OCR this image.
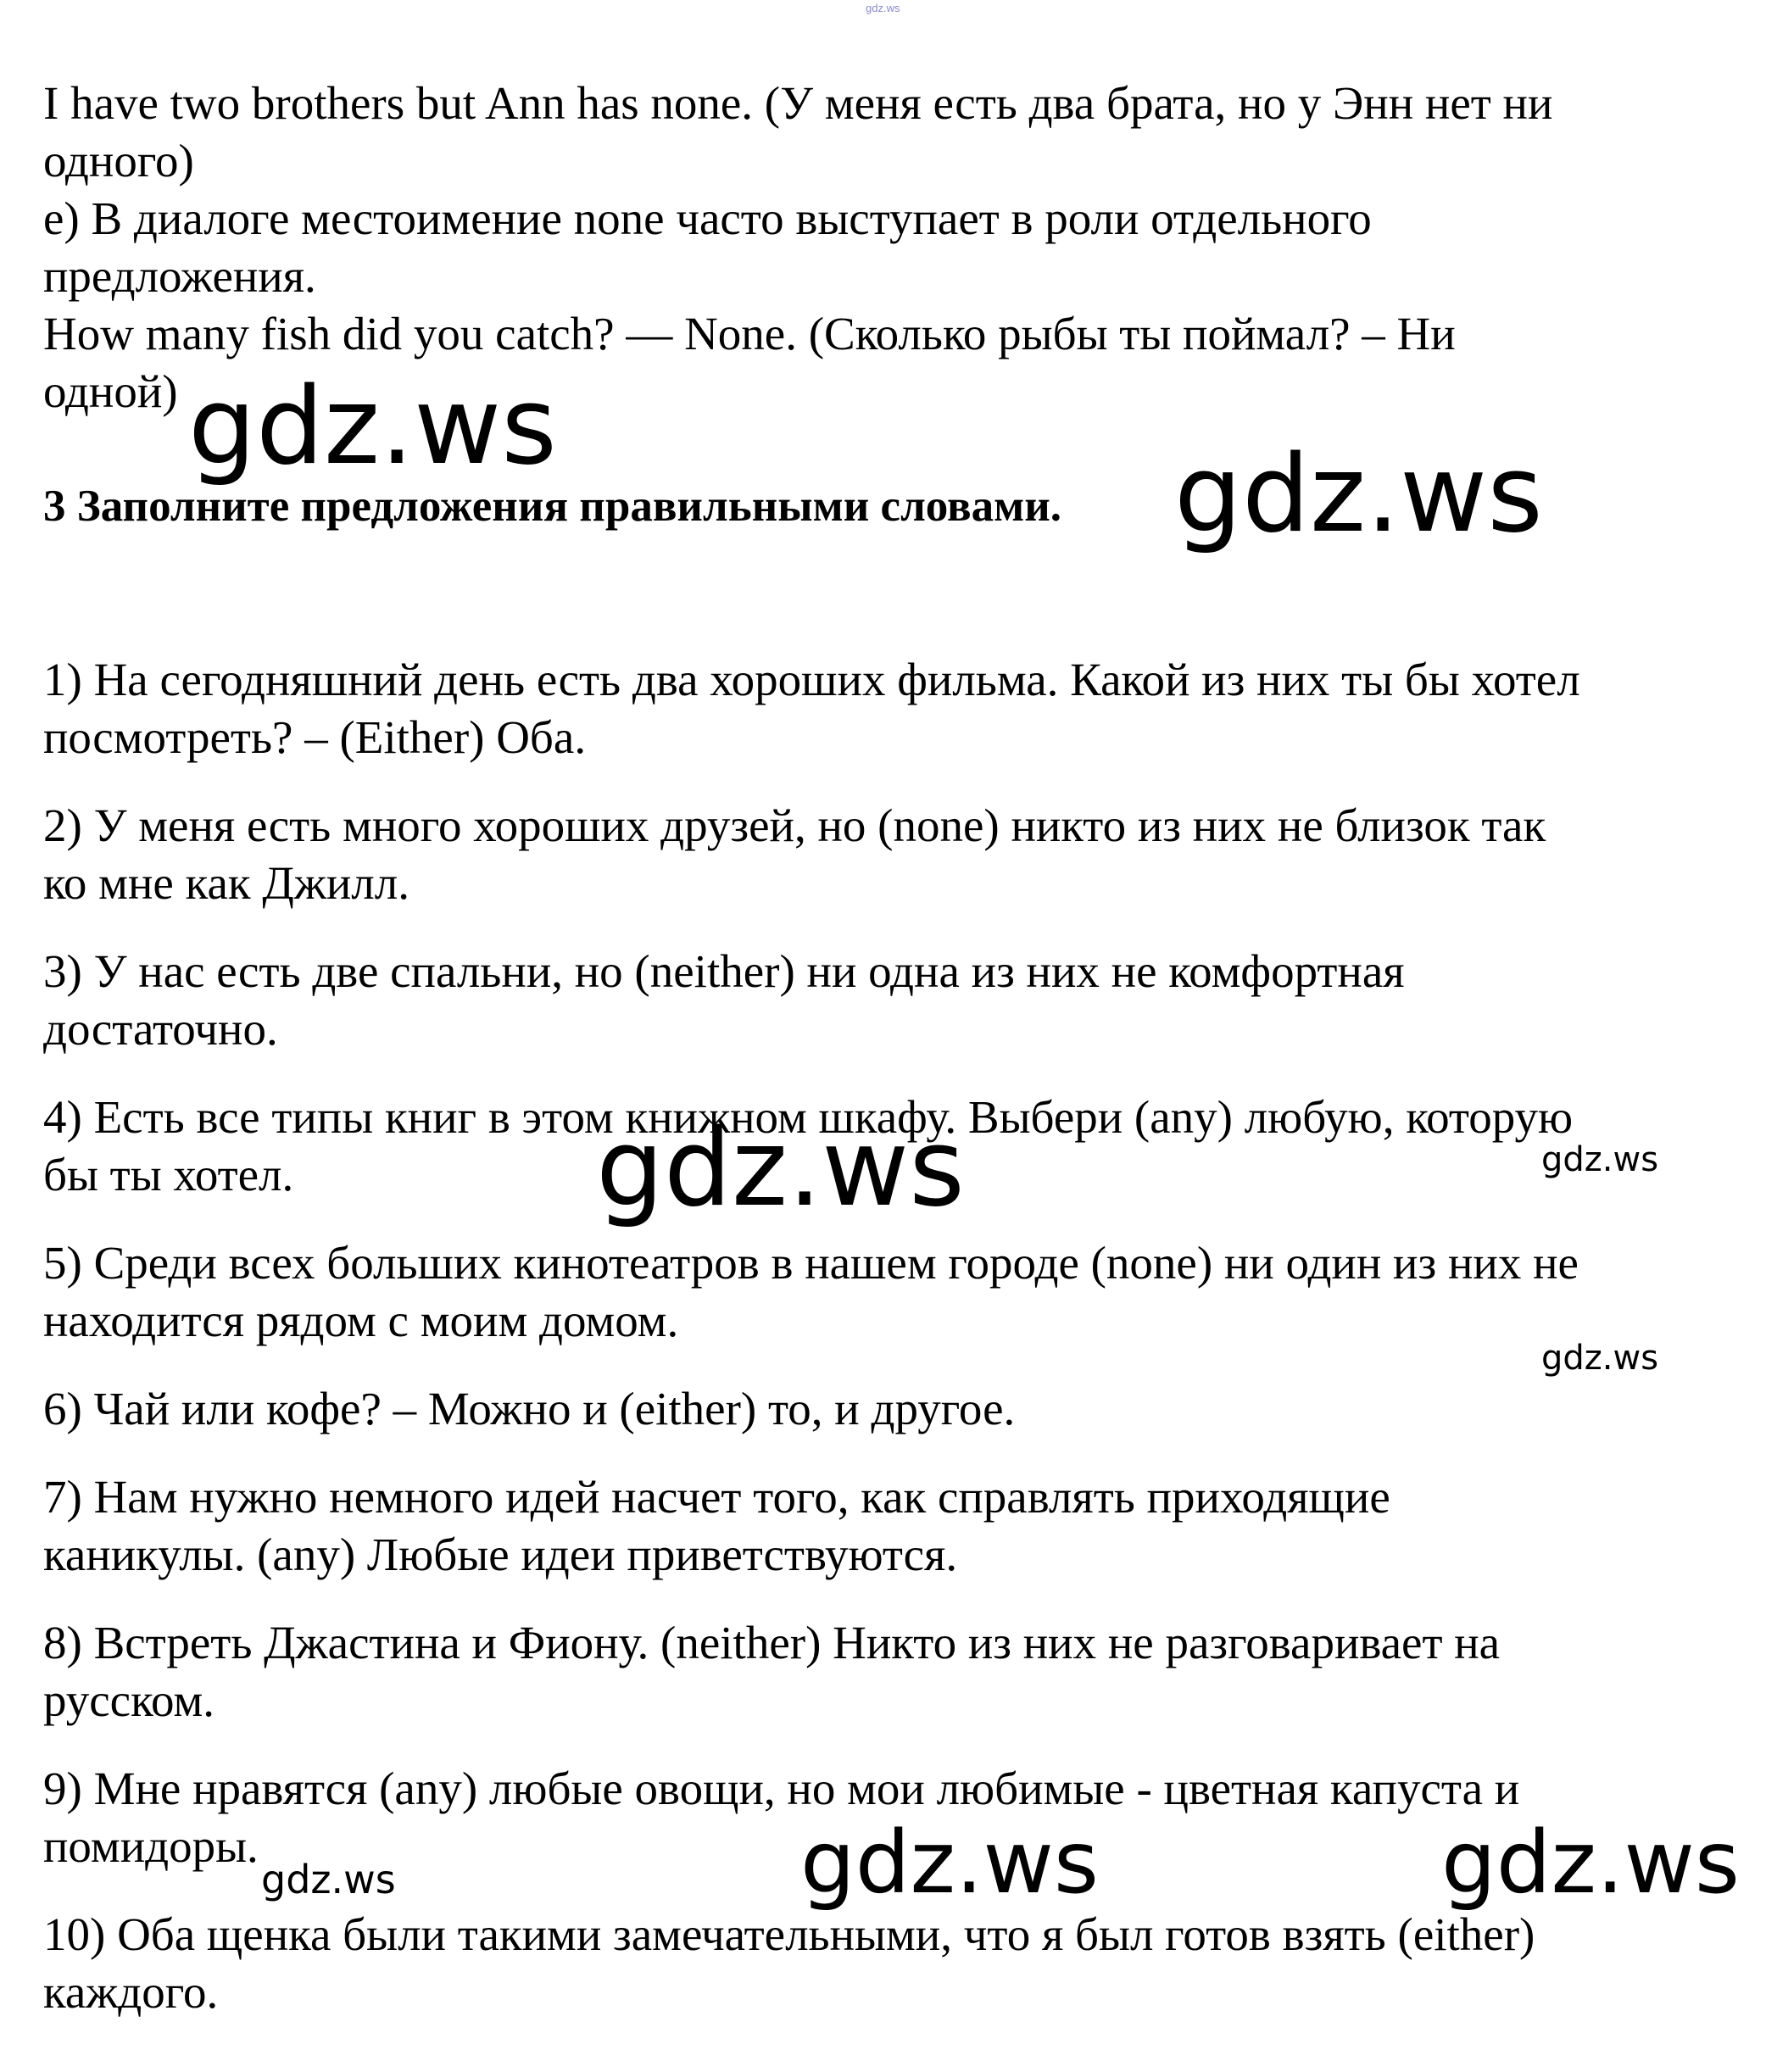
gdz.ws

I have two brothers but Ann has none. (У меня есть два брата, но у Энн нет ни
одного)

е) В диалоге местоимение none часто выступает в роли отдельного
предложения.

How many fish did you catch? — None. (Сколько рыбы ты поймал? – Ни
одной)

3 Заполните предложения правильными словами.

1) На сегодняшний день есть два хороших фильма. Какой из них ты бы хотел
посмотреть? – (Either) Оба.

2) У меня есть много хороших друзей, но (none) никто из них не близок так
ко мне как Джилл.

3) У нас есть две спальни, но (neither) ни одна из них не комфортная
достаточно.

4) Есть все типы книг в этом книжном шкафу. Выбери (any) любую, которую
бы ты хотел.

5) Среди всех больших кинотеатров в нашем городе (none) ни один из них не
находится рядом с моим домом.

6) Чай или кофе? – Можно и (either) то, и другое.

7) Нам нужно немного идей насчет того, как справлять приходящие
каникулы. (any) Любые идеи приветствуются.

8) Встреть Джастина и Фиону. (neither) Никто из них не разговаривает на
русском.

9) Мне нравятся (any) любые овощи, но мои любимые - цветная капуста и
помидоры.

10) Оба щенка были такими замечательными, что я был готов взять (either)
каждого.

gdz.ws
gdz.ws
gdz.ws	gdz.ws
gdz.ws
gdz.ws	gdz.ws
gdz.ws
